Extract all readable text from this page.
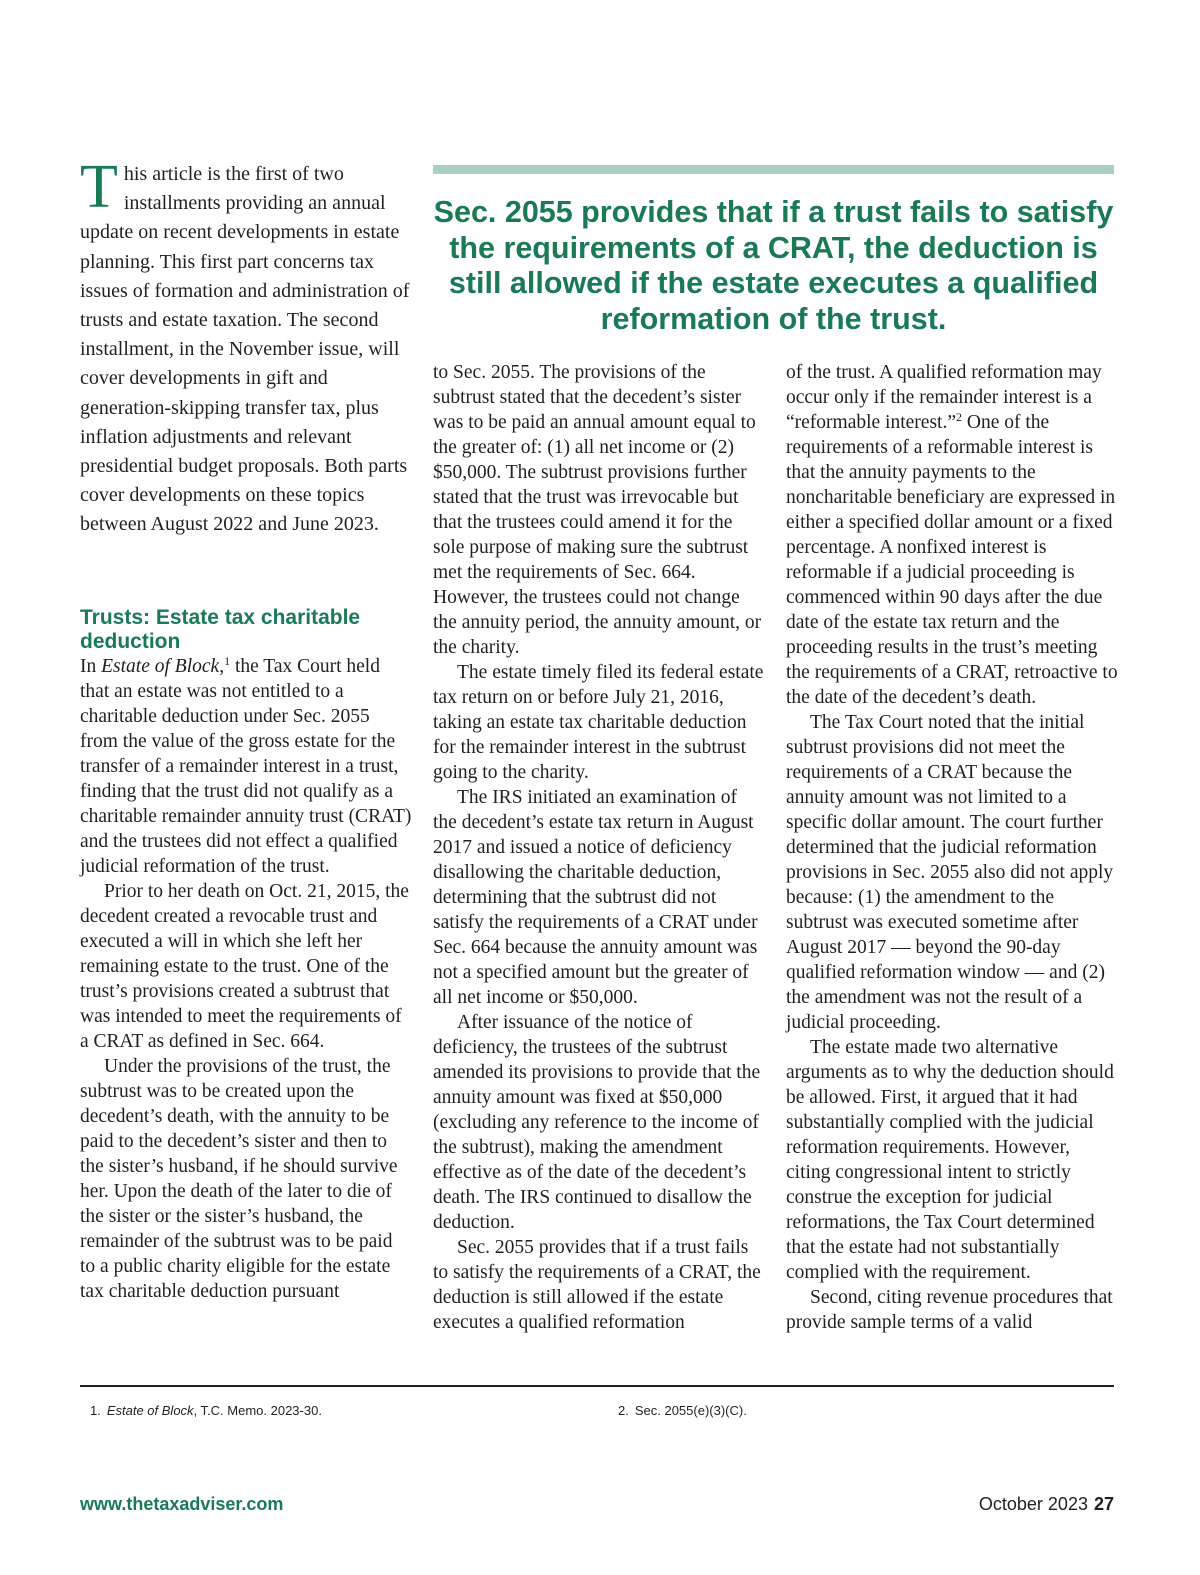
This article is the first of two installments providing an annual update on recent developments in estate planning. This first part concerns tax issues of formation and administration of trusts and estate taxation. The second installment, in the November issue, will cover developments in gift and generation-skipping transfer tax, plus inflation adjustments and relevant presidential budget proposals. Both parts cover developments on these topics between August 2022 and June 2023.

Sec. 2055 provides that if a trust fails to satisfy the requirements of a CRAT, the deduction is still allowed if the estate executes a qualified reformation of the trust.

Trusts: Estate tax charitable deduction

In Estate of Block,$^1$ the Tax Court held that an estate was not entitled to a charitable deduction under Sec. 2055 from the value of the gross estate for the transfer of a remainder interest in a trust, finding that the trust did not qualify as a charitable remainder annuity trust (CRAT) and the trustees did not effect a qualified judicial reformation of the trust.

Prior to her death on Oct. 21, 2015, the decedent created a revocable trust and executed a will in which she left her remaining estate to the trust. One of the trust’s provisions created a subtrust that was intended to meet the requirements of a CRAT as defined in Sec. 664.

Under the provisions of the trust, the subtrust was to be created upon the decedent’s death, with the annuity to be paid to the decedent’s sister and then to the sister’s husband, if he should survive her. Upon the death of the later to die of the sister or the sister’s husband, the remainder of the subtrust was to be paid to a public charity eligible for the estate tax charitable deduction pursuant

to Sec. 2055. The provisions of the subtrust stated that the decedent’s sister was to be paid an annual amount equal to the greater of: (1) all net income or (2) $50,000. The subtrust provisions further stated that the trust was irrevocable but that the trustees could amend it for the sole purpose of making sure the subtrust met the requirements of Sec. 664. However, the trustees could not change the annuity period, the annuity amount, or the charity.

The estate timely filed its federal estate tax return on or before July 21, 2016, taking an estate tax charitable deduction for the remainder interest in the subtrust going to the charity.

The IRS initiated an examination of the decedent’s estate tax return in August 2017 and issued a notice of deficiency disallowing the charitable deduction, determining that the subtrust did not satisfy the requirements of a CRAT under Sec. 664 because the annuity amount was not a specified amount but the greater of all net income or $50,000.

After issuance of the notice of deficiency, the trustees of the subtrust amended its provisions to provide that the annuity amount was fixed at $50,000 (excluding any reference to the income of the subtrust), making the amendment effective as of the date of the decedent’s death. The IRS continued to disallow the deduction.

Sec. 2055 provides that if a trust fails to satisfy the requirements of a CRAT, the deduction is still allowed if the estate executes a qualified reformation

of the trust. A qualified reformation may occur only if the remainder interest is a “reformable interest.”$^2$ One of the requirements of a reformable interest is that the annuity payments to the noncharitable beneficiary are expressed in either a specified dollar amount or a fixed percentage. A nonfixed interest is reformable if a judicial proceeding is commenced within 90 days after the due date of the estate tax return and the proceeding results in the trust’s meeting the requirements of a CRAT, retroactive to the date of the decedent’s death.

The Tax Court noted that the initial subtrust provisions did not meet the requirements of a CRAT because the annuity amount was not limited to a specific dollar amount. The court further determined that the judicial reformation provisions in Sec. 2055 also did not apply because: (1) the amendment to the subtrust was executed sometime after August 2017 — beyond the 90-day qualified reformation window — and (2) the amendment was not the result of a judicial proceeding.

The estate made two alternative arguments as to why the deduction should be allowed. First, it argued that it had substantially complied with the judicial reformation requirements. However, citing congressional intent to strictly construe the exception for judicial reformations, the Tax Court determined that the estate had not substantially complied with the requirement.

Second, citing revenue procedures that provide sample terms of a valid

1. Estate of Block, T.C. Memo. 2023-30.	2. Sec. 2055(e)(3)(C).
www.thetaxadviser.com	October 2023 27
